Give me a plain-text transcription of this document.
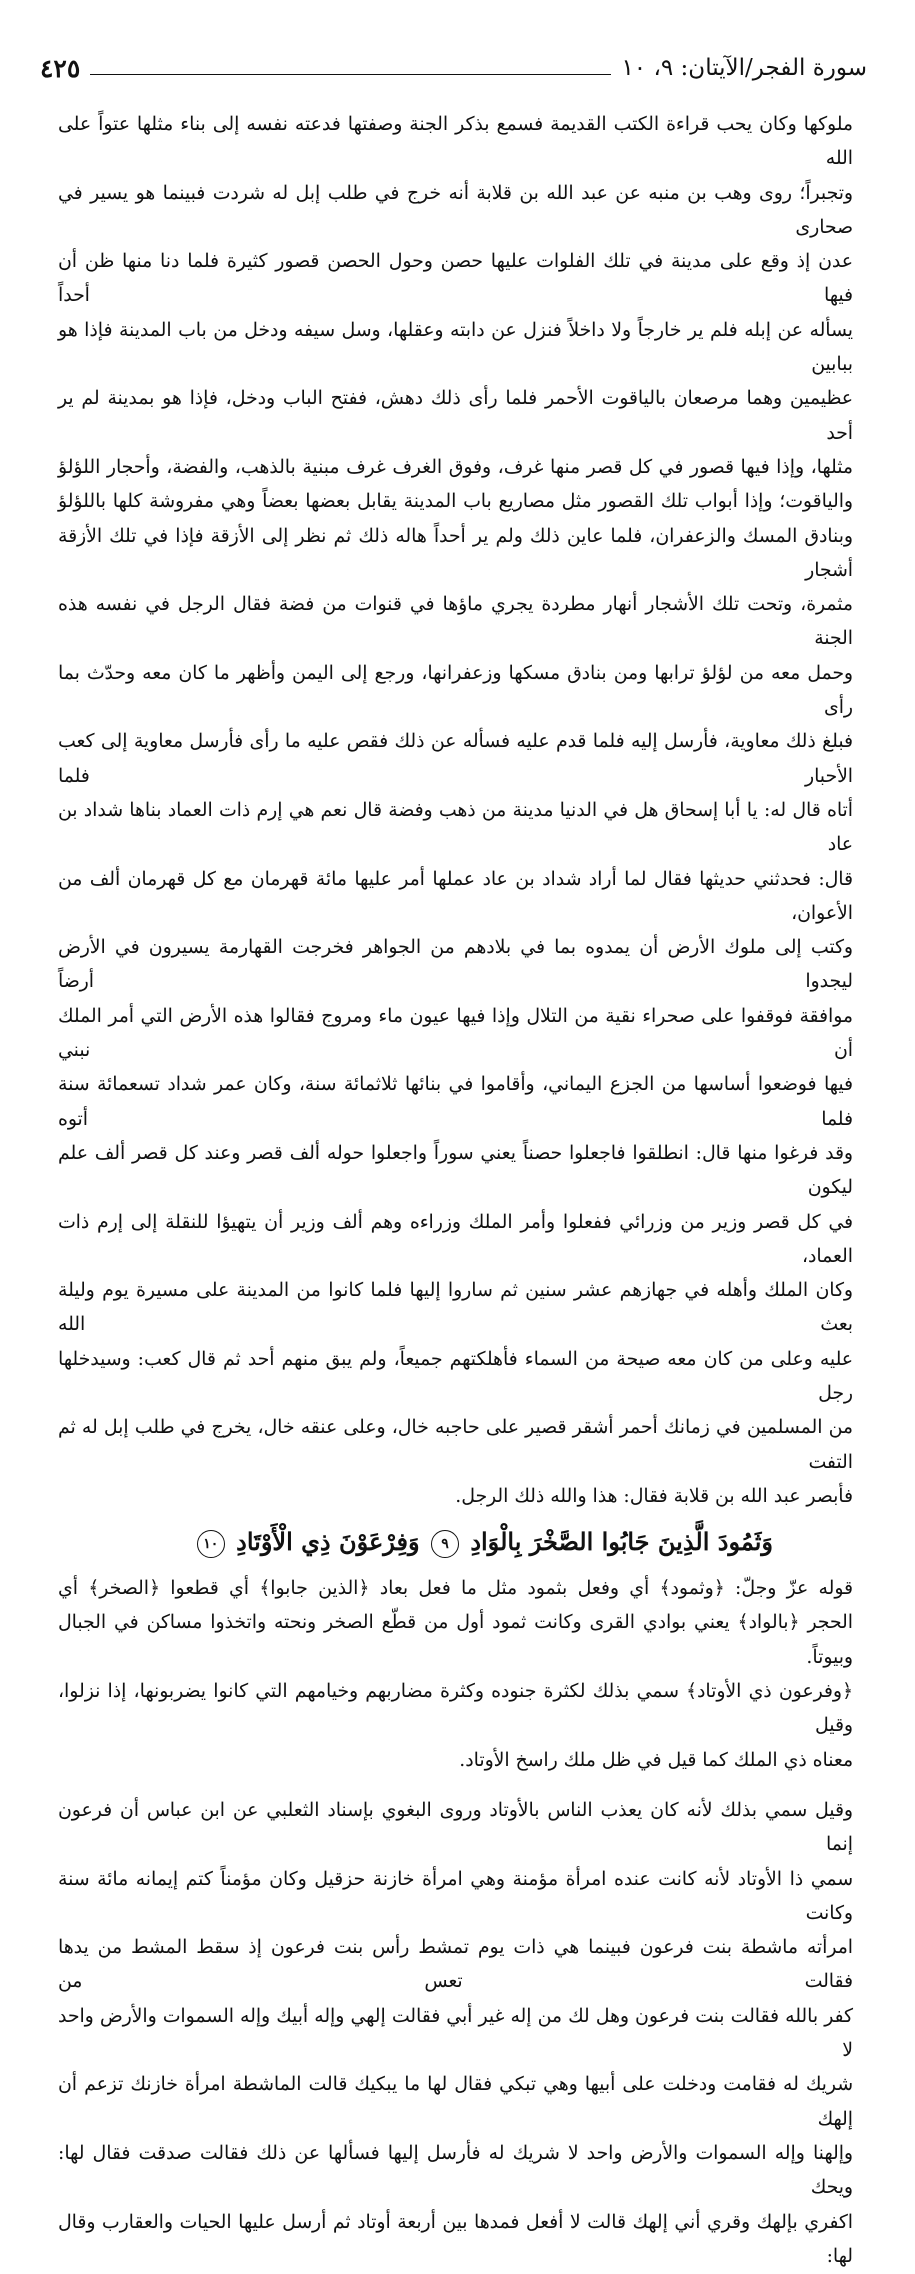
سورة الفجر/الآيتان: ٩، ١٠
٤٢٥

ملوكها وكان يحب قراءة الكتب القديمة فسمع بذكر الجنة وصفتها فدعته نفسه إلى بناء مثلها عتواً على الله

وتجبراً؛ روى وهب بن منبه عن عبد الله بن قلابة أنه خرج في طلب إبل له شردت فبينما هو يسير في صحارى

عدن إذ وقع على مدينة في تلك الفلوات عليها حصن وحول الحصن قصور كثيرة فلما دنا منها ظن أن فيها أحداً

يسأله عن إبله فلم ير خارجاً ولا داخلاً فنزل عن دابته وعقلها، وسل سيفه ودخل من باب المدينة فإذا هو ببابين

عظيمين وهما مرصعان بالياقوت الأحمر فلما رأى ذلك دهش، ففتح الباب ودخل، فإذا هو بمدينة لم ير أحد

مثلها، وإذا فيها قصور في كل قصر منها غرف، وفوق الغرف غرف مبنية بالذهب، والفضة، وأحجار اللؤلؤ

والياقوت؛ وإذا أبواب تلك القصور مثل مصاريع باب المدينة يقابل بعضها بعضاً وهي مفروشة كلها باللؤلؤ

وبنادق المسك والزعفران، فلما عاين ذلك ولم ير أحداً هاله ذلك ثم نظر إلى الأزقة فإذا في تلك الأزقة أشجار

مثمرة، وتحت تلك الأشجار أنهار مطردة يجري ماؤها في قنوات من فضة فقال الرجل في نفسه هذه الجنة

وحمل معه من لؤلؤ ترابها ومن بنادق مسكها وزعفرانها، ورجع إلى اليمن وأظهر ما كان معه وحدّث بما رأى

فبلغ ذلك معاوية، فأرسل إليه فلما قدم عليه فسأله عن ذلك فقص عليه ما رأى فأرسل معاوية إلى كعب الأحبار فلما

أتاه قال له: يا أبا إسحاق هل في الدنيا مدينة من ذهب وفضة قال نعم هي إرم ذات العماد بناها شداد بن عاد

قال: فحدثني حديثها فقال لما أراد شداد بن عاد عملها أمر عليها مائة قهرمان مع كل قهرمان ألف من الأعوان،

وكتب إلى ملوك الأرض أن يمدوه بما في بلادهم من الجواهر فخرجت القهارمة يسيرون في الأرض ليجدوا أرضاً

موافقة فوقفوا على صحراء نقية من التلال وإذا فيها عيون ماء ومروج فقالوا هذه الأرض التي أمر الملك أن نبني

فيها فوضعوا أساسها من الجزع اليماني، وأقاموا في بنائها ثلاثمائة سنة، وكان عمر شداد تسعمائة سنة فلما أتوه

وقد فرغوا منها قال: انطلقوا فاجعلوا حصناً يعني سوراً واجعلوا حوله ألف قصر وعند كل قصر ألف علم ليكون

في كل قصر وزير من وزرائي ففعلوا وأمر الملك وزراءه وهم ألف وزير أن يتهيؤا للنقلة إلى إرم ذات العماد،

وكان الملك وأهله في جهازهم عشر سنين ثم ساروا إليها فلما كانوا من المدينة على مسيرة يوم وليلة بعث الله

عليه وعلى من كان معه صيحة من السماء فأهلكتهم جميعاً، ولم يبق منهم أحد ثم قال كعب: وسيدخلها رجل

من المسلمين في زمانك أحمر أشقر قصير على حاجبه خال، وعلى عنقه خال، يخرج في طلب إبل له ثم التفت

فأبصر عبد الله بن قلابة فقال: هذا والله ذلك الرجل.

وَثَمُودَ الَّذِينَ جَابُوا الصَّخْرَ بِالْوَادِ ٩ وَفِرْعَوْنَ ذِي الْأَوْتَادِ ١٠

قوله عزّ وجلّ: ﴿وثمود﴾ أي وفعل بثمود مثل ما فعل بعاد ﴿الذين جابوا﴾ أي قطعوا ﴿الصخر﴾ أي

الحجر ﴿بالواد﴾ يعني بوادي القرى وكانت ثمود أول من قطّع الصخر ونحته واتخذوا مساكن في الجبال وبيوتاً.

﴿وفرعون ذي الأوتاد﴾ سمي بذلك لكثرة جنوده وكثرة مضاربهم وخيامهم التي كانوا يضربونها، إذا نزلوا، وقيل

معناه ذي الملك كما قيل في ظل ملك راسخ الأوتاد.

وقيل سمي بذلك لأنه كان يعذب الناس بالأوتاد وروى البغوي بإسناد الثعلبي عن ابن عباس أن فرعون إنما

سمي ذا الأوتاد لأنه كانت عنده امرأة مؤمنة وهي امرأة خازنة حزقيل وكان مؤمناً كتم إيمانه مائة سنة وكانت

امرأته ماشطة بنت فرعون فبينما هي ذات يوم تمشط رأس بنت فرعون إذ سقط المشط من يدها فقالت تعس من

كفر بالله فقالت بنت فرعون وهل لك من إله غير أبي فقالت إلهي وإله أبيك وإله السموات والأرض واحد لا

شريك له فقامت ودخلت على أبيها وهي تبكي فقال لها ما يبكيك قالت الماشطة امرأة خازنك تزعم أن إلهك

وإلهنا وإله السموات والأرض واحد لا شريك له فأرسل إليها فسألها عن ذلك فقالت صدقت فقال لها: ويحك

اكفري بإلهك وقري أني إلهك قالت لا أفعل فمدها بين أربعة أوتاد ثم أرسل عليها الحيات والعقارب وقال لها:
